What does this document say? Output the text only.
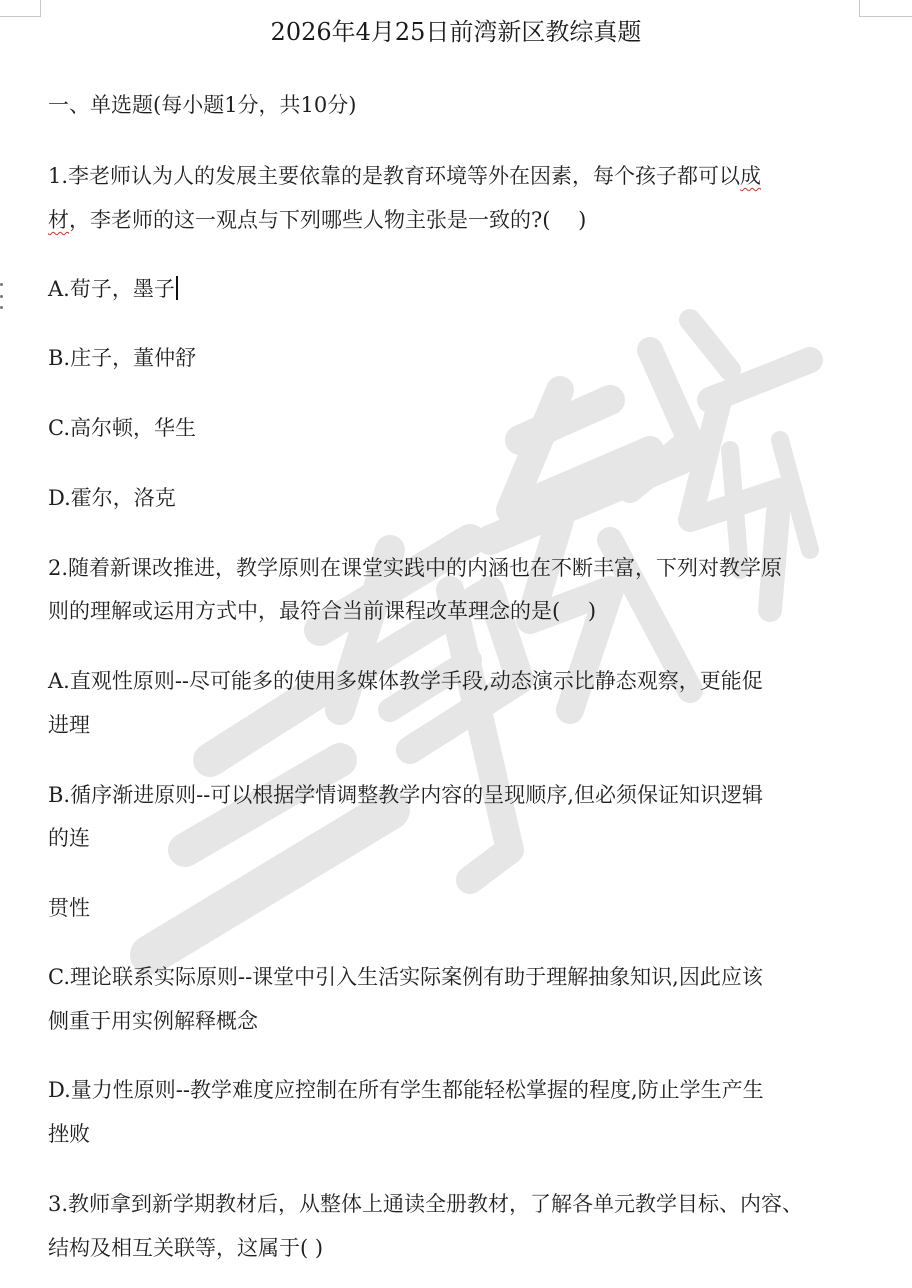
2026年4月25日前湾新区教综真题
一、单选题(每小题1分，共10分)
1.李老师认为人的发展主要依靠的是教育环境等外在因素，每个孩子都可以成
材，李老师的这一观点与下列哪些人物主张是一致的?(　 )
A.荀子，墨子
B.庄子，董仲舒
C.高尔顿，华生
D.霍尔，洛克
2.随着新课改推进，教学原则在课堂实践中的内涵也在不断丰富，下列对教学原
则的理解或运用方式中，最符合当前课程改革理念的是(　 )
A.直观性原则--尽可能多的使用多媒体教学手段,动态演示比静态观察，更能促
进理
B.循序渐进原则--可以根据学情调整教学内容的呈现顺序,但必须保证知识逻辑
的连
贯性
C.理论联系实际原则--课堂中引入生活实际案例有助于理解抽象知识,因此应该
侧重于用实例解释概念
D.量力性原则--教学难度应控制在所有学生都能轻松掌握的程度,防止学生产生
挫败
3.教师拿到新学期教材后，从整体上通读全册教材，了解各单元教学目标、内容、
结构及相互关联等，这属于( )
